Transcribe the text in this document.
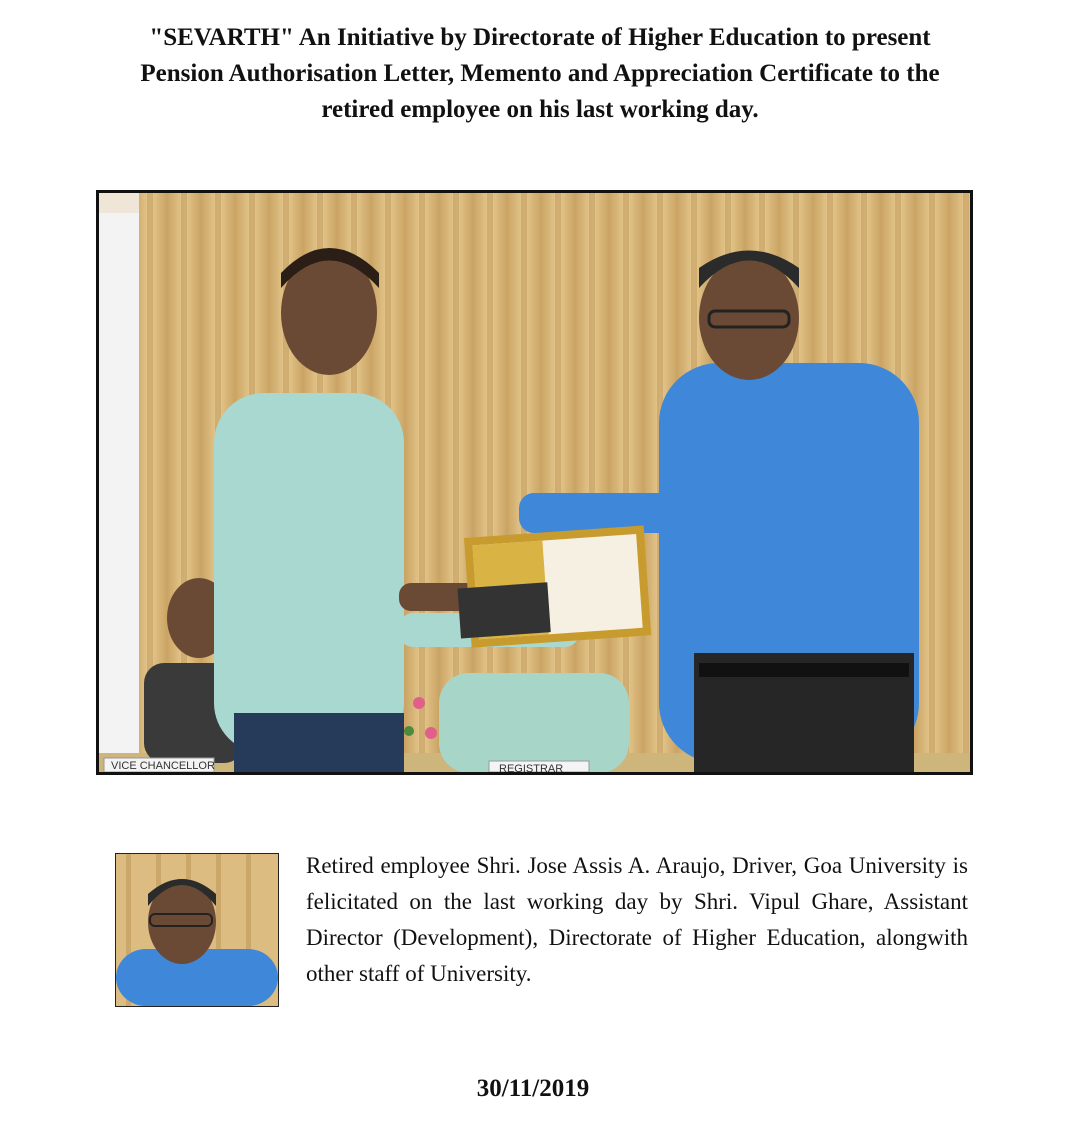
"SEVARTH" An Initiative by Directorate of Higher Education to present
Pension Authorisation Letter, Memento and Appreciation Certificate to the
retired employee on his last working day.
VICE CHANCELLOR	REGISTRAR
Retired employee Shri. Jose Assis A. Araujo, Driver, Goa University is felicitated on the last working day by Shri. Vipul Ghare, Assistant Director (Development), Directorate of Higher Education, alongwith other staff of University.
30/11/2019
